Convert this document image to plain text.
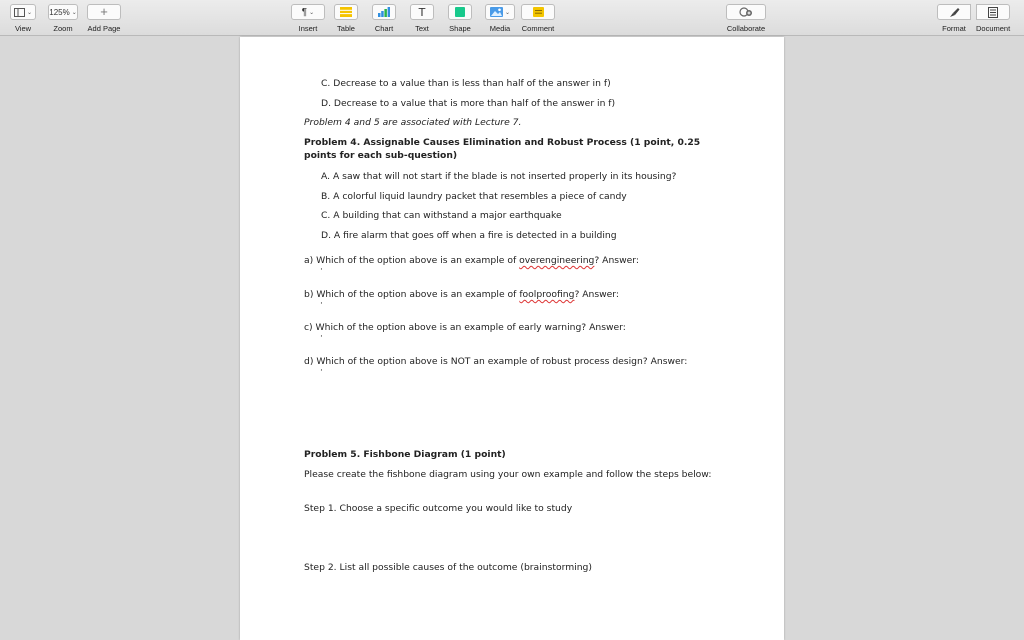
⌄
View
125% ⌄
Zoom
+
Add Page
¶ ⌄
Insert	Table	Chart
T
Text	Shape
⌄
Media Comment	Collaborate	Format Document
C. Decrease to a value than is less than half of the answer in f)
D. Decrease to a value that is more than half of the answer in f)
Problem 4 and 5 are associated with Lecture 7.
Problem 4. Assignable Causes Elimination and Robust Process (1 point, 0.25 points for each sub-question)
A. A saw that will not start if the blade is not inserted properly in its housing?
B. A colorful liquid laundry packet that resembles a piece of candy
C. A building that can withstand a major earthquake
D. A fire alarm that goes off when a fire is detected in a building
a) Which of the option above is an example of overengineering? Answer:
·
b) Which of the option above is an example of foolproofing? Answer:
·
c) Which of the option above is an example of early warning? Answer:
·
d) Which of the option above is NOT an example of robust process design? Answer:
·
Problem 5. Fishbone Diagram (1 point)
Please create the fishbone diagram using your own example and follow the steps below:
Step 1. Choose a specific outcome you would like to study
Step 2. List all possible causes of the outcome (brainstorming)
